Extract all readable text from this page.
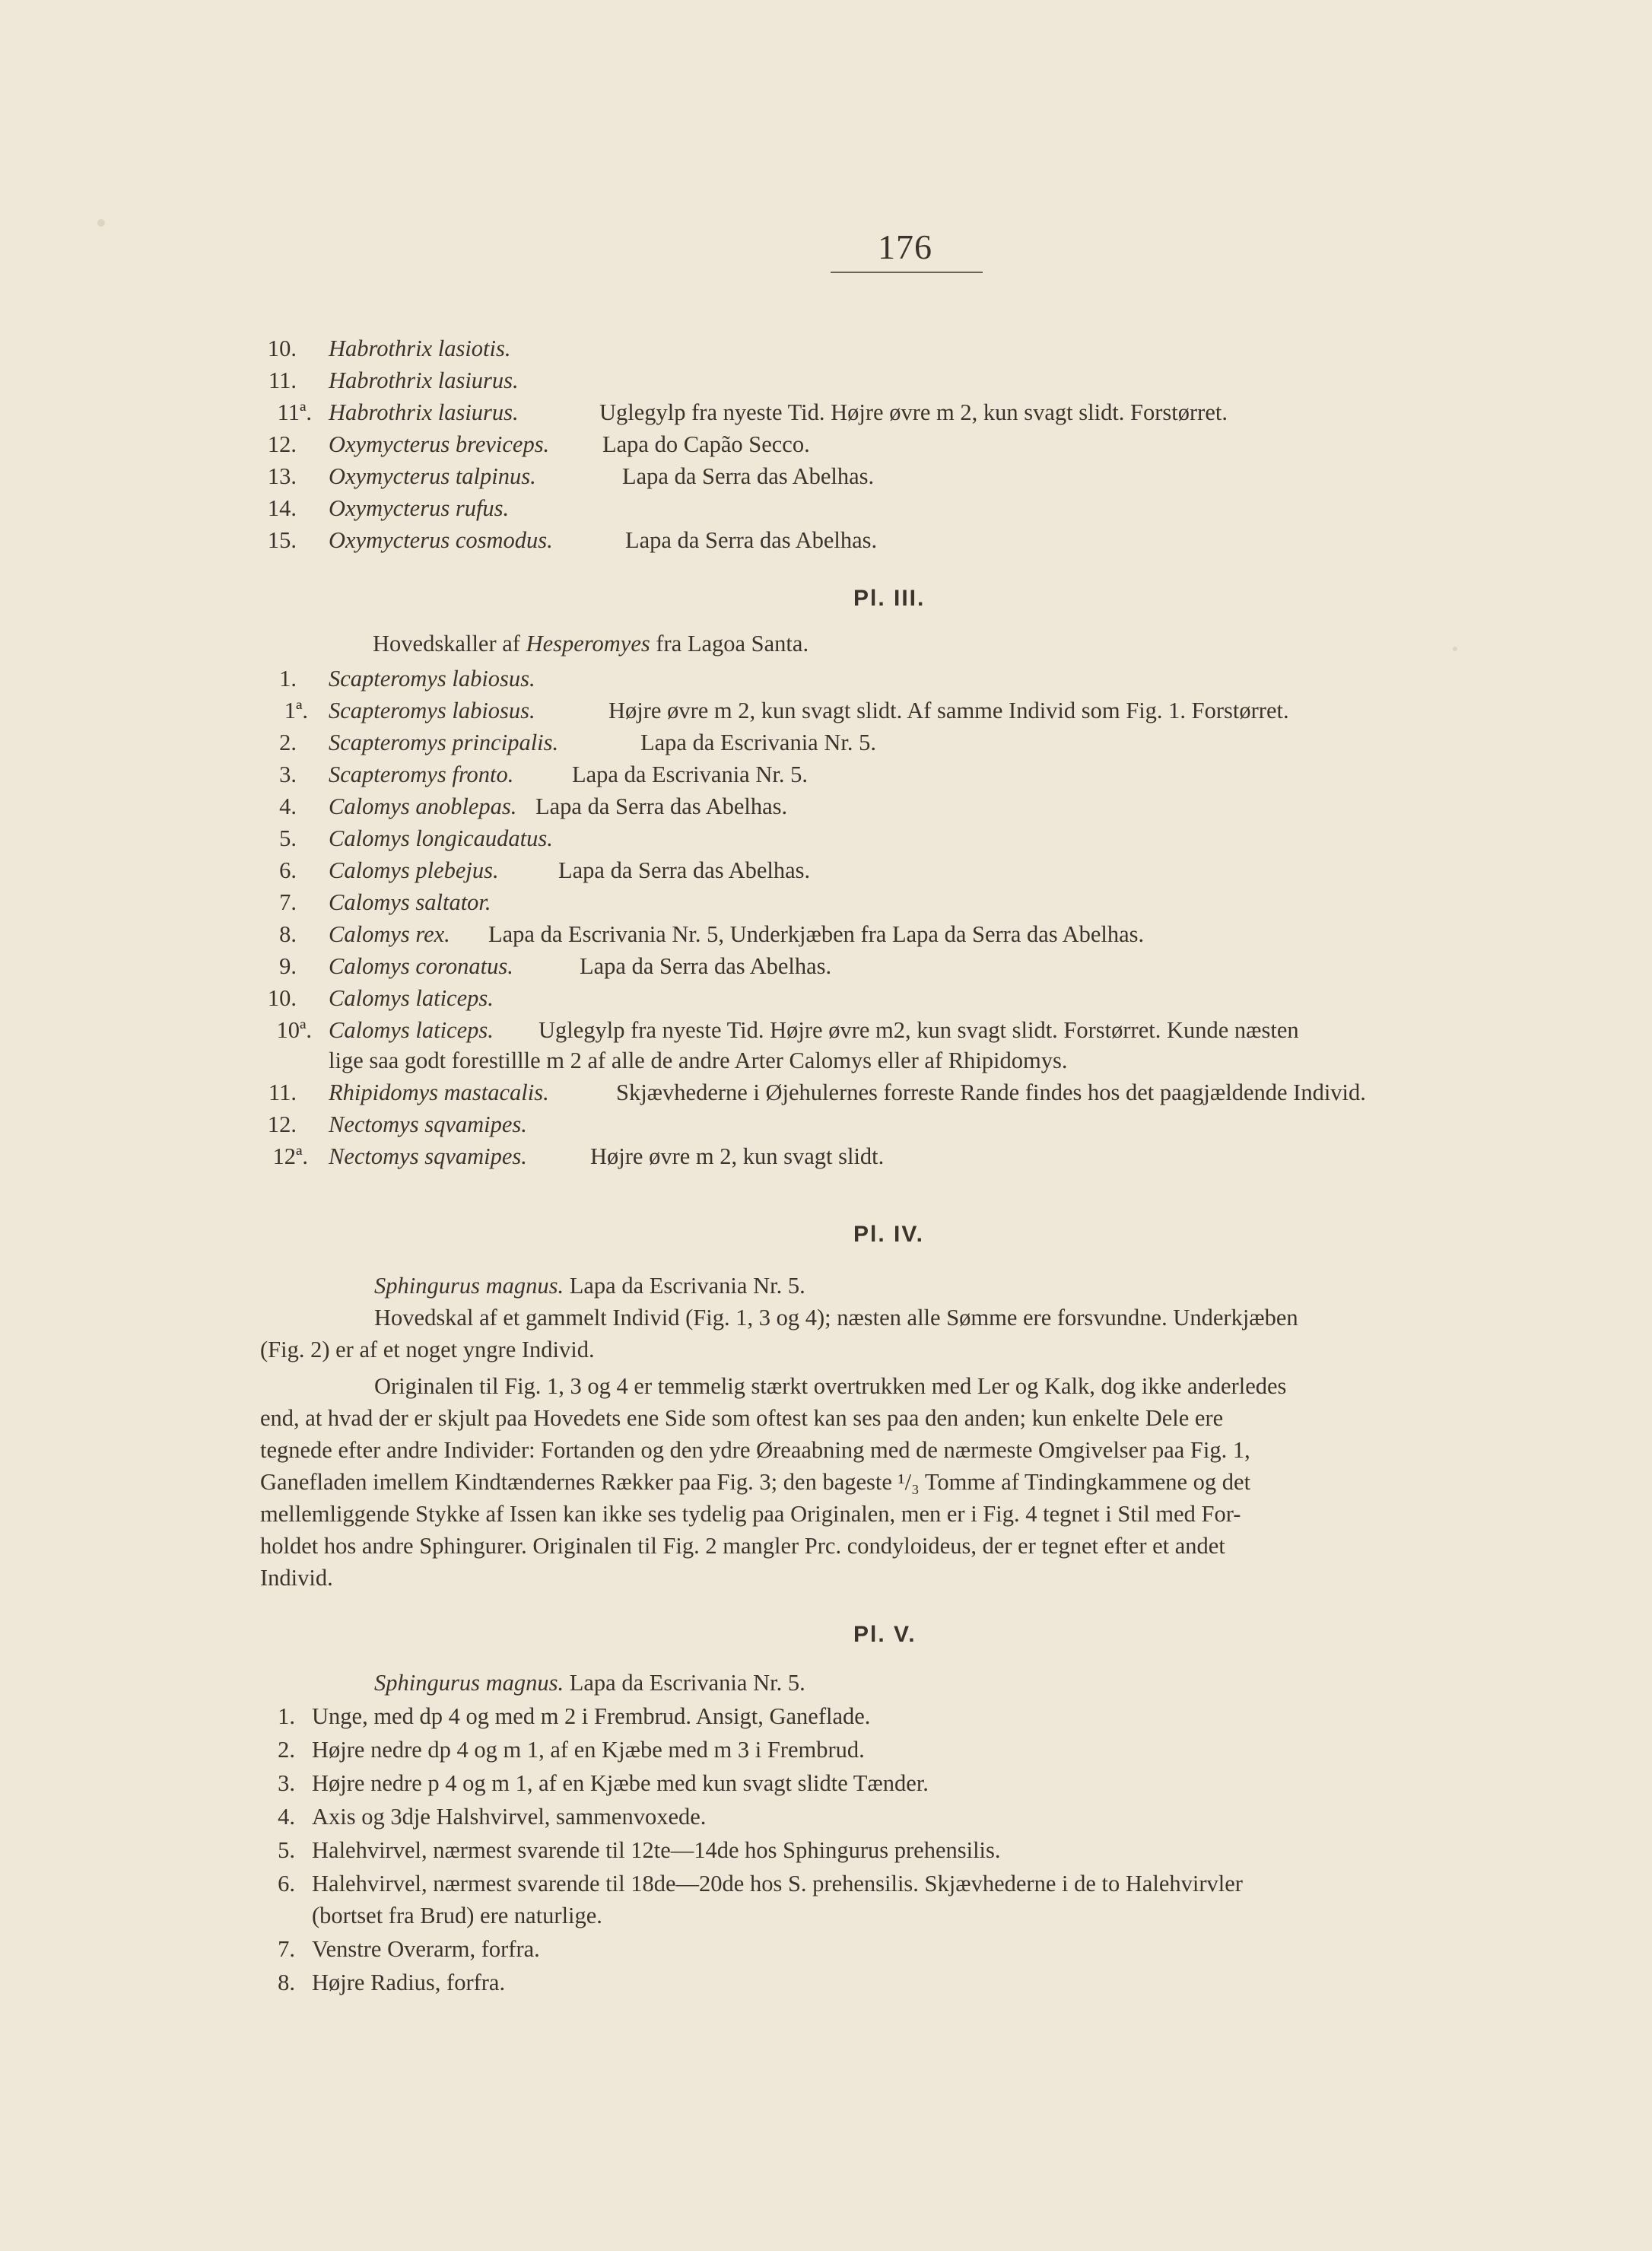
176
10. Habrothrix lasiotis.
11. Habrothrix lasiurus.
11ª. Habrothrix lasiurus.	Uglegylp fra nyeste Tid. Højre øvre m 2, kun svagt slidt. Forstørret.
12. Oxymycterus breviceps. Lapa do Capão Secco.
13. Oxymycterus talpinus.	Lapa da Serra das Abelhas.
14. Oxymycterus rufus.
15. Oxymycterus cosmodus.	Lapa da Serra das Abelhas.
Pl. III.
Hovedskaller af Hesperomyes fra Lagoa Santa.
1. Scapteromys labiosus.
1ª. Scapteromys labiosus.	Højre øvre m 2, kun svagt slidt. Af samme Individ som Fig. 1. Forstørret.
2. Scapteromys principalis.	Lapa da Escrivania Nr. 5.
3. Scapteromys fronto.	Lapa da Escrivania Nr. 5.
4. Calomys anoblepas. Lapa da Serra das Abelhas.
5. Calomys longicaudatus.
6. Calomys plebejus.	Lapa da Serra das Abelhas.
7. Calomys saltator.
8. Calomys rex. Lapa da Escrivania Nr. 5, Underkjæben fra Lapa da Serra das Abelhas.
9. Calomys coronatus.	Lapa da Serra das Abelhas.
10. Calomys laticeps.
10ª. Calomys laticeps. Uglegylp fra nyeste Tid. Højre øvre m2, kun svagt slidt. Forstørret. Kunde næsten
lige saa godt forestillle m 2 af alle de andre Arter Calomys eller af Rhipidomys.
11. Rhipidomys mastacalis.	Skjævhederne i Øjehulernes forreste Rande findes hos det paagjældende Individ.
12. Nectomys sqvamipes.
12ª. Nectomys sqvamipes.	Højre øvre m 2, kun svagt slidt.
Pl. IV.
Sphingurus magnus. Lapa da Escrivania Nr. 5.
Hovedskal af et gammelt Individ (Fig. 1, 3 og 4); næsten alle Sømme ere forsvundne. Underkjæben
(Fig. 2) er af et noget yngre Individ.
Originalen til Fig. 1, 3 og 4 er temmelig stærkt overtrukken med Ler og Kalk, dog ikke anderledes
end, at hvad der er skjult paa Hovedets ene Side som oftest kan ses paa den anden; kun enkelte Dele ere
tegnede efter andre Individer: Fortanden og den ydre Øreaabning med de nærmeste Omgivelser paa Fig. 1,
Ganefladen imellem Kindtændernes Rækker paa Fig. 3; den bageste ¹/₃ Tomme af Tindingkammene og det
mellemliggende Stykke af Issen kan ikke ses tydelig paa Originalen, men er i Fig. 4 tegnet i Stil med For-
holdet hos andre Sphingurer. Originalen til Fig. 2 mangler Prc. condyloideus, der er tegnet efter et andet
Individ.
Pl. V.
Sphingurus magnus. Lapa da Escrivania Nr. 5.
1. Unge, med dp 4 og med m 2 i Frembrud. Ansigt, Ganeflade.
2. Højre nedre dp 4 og m 1, af en Kjæbe med m 3 i Frembrud.
3. Højre nedre p 4 og m 1, af en Kjæbe med kun svagt slidte Tænder.
4. Axis og 3dje Halshvirvel, sammenvoxede.
5. Halehvirvel, nærmest svarende til 12te—14de hos Sphingurus prehensilis.
6. Halehvirvel, nærmest svarende til 18de—20de hos S. prehensilis. Skjævhederne i de to Halehvirvler
(bortset fra Brud) ere naturlige.
7. Venstre Overarm, forfra.
8. Højre Radius, forfra.
